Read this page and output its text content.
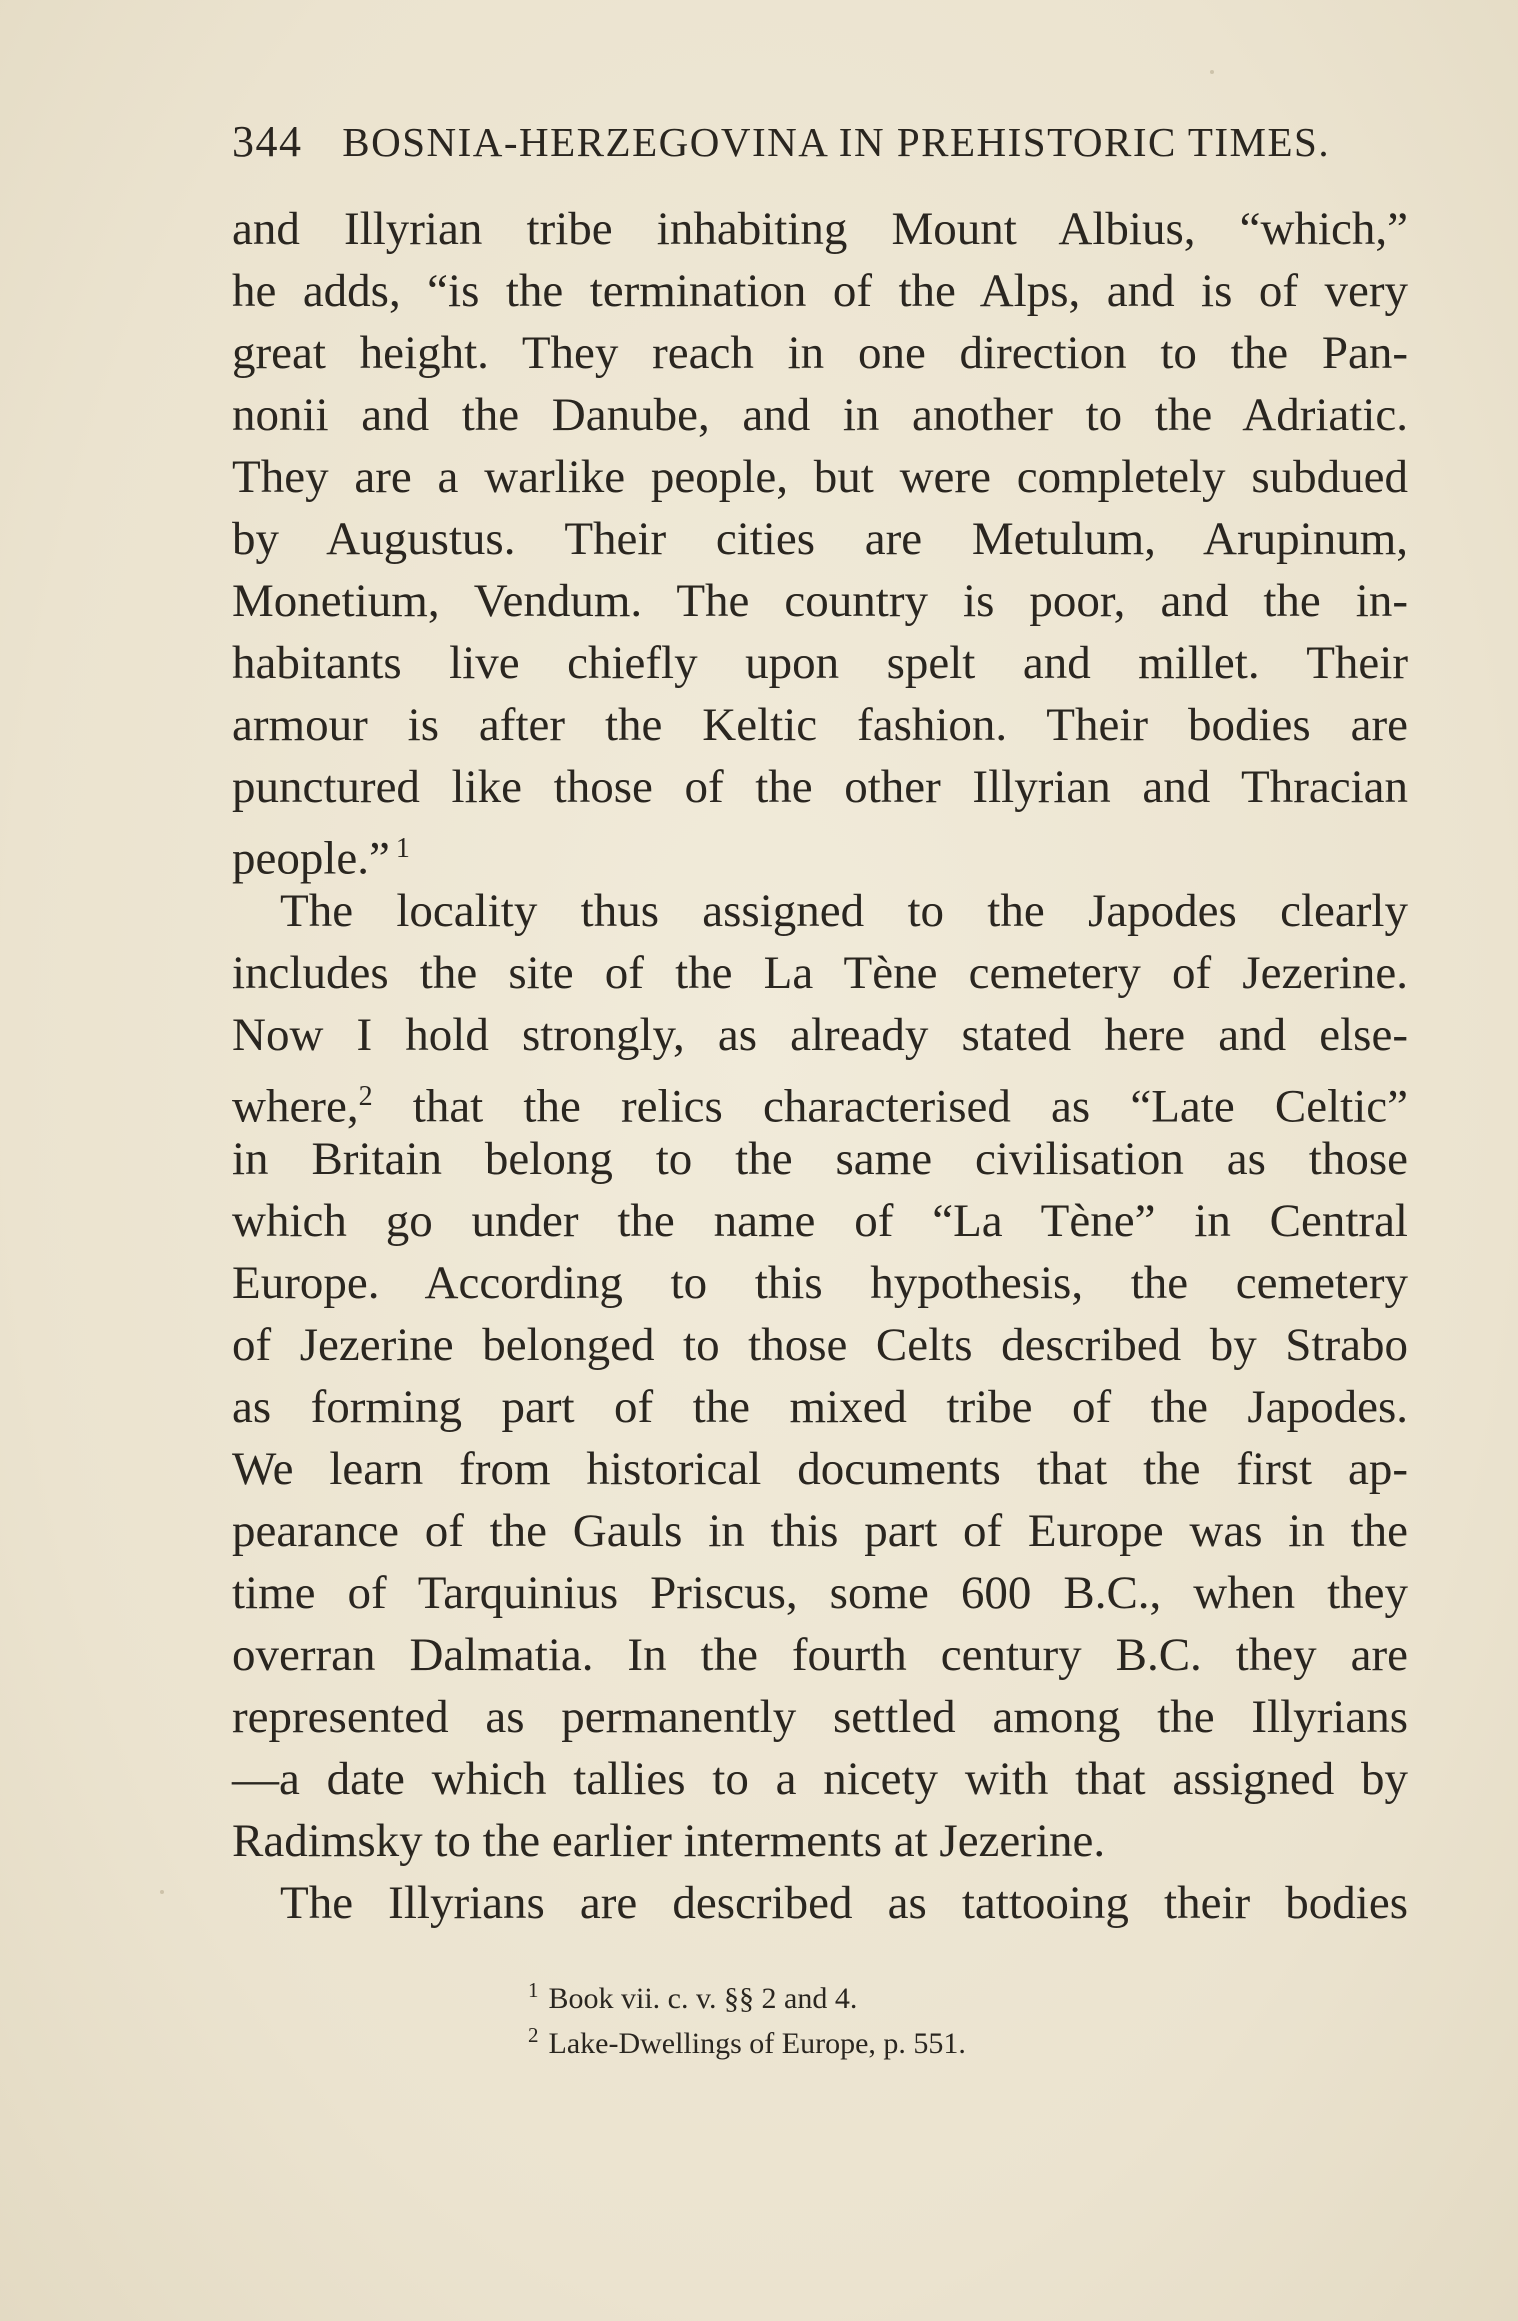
344 BOSNIA-HERZEGOVINA IN PREHISTORIC TIMES.
and Illyrian tribe inhabiting Mount Albius, “which,”
he adds, “is the termination of the Alps, and is of very
great height. They reach in one direction to the Pan-
nonii and the Danube, and in another to the Adriatic.
They are a warlike people, but were completely subdued
by Augustus. Their cities are Metulum, Arupinum,
Monetium, Vendum. The country is poor, and the in-
habitants live chiefly upon spelt and millet. Their
armour is after the Keltic fashion. Their bodies are
punctured like those of the other Illyrian and Thracian
people.” $^1$
The locality thus assigned to the Japodes clearly
includes the site of the La Tène cemetery of Jezerine.
Now I hold strongly, as already stated here and else-
where,$^2$ that the relics characterised as “Late Celtic”
in Britain belong to the same civilisation as those
which go under the name of “La Tène” in Central
Europe. According to this hypothesis, the cemetery
of Jezerine belonged to those Celts described by Strabo
as forming part of the mixed tribe of the Japodes.
We learn from historical documents that the first ap-
pearance of the Gauls in this part of Europe was in the
time of Tarquinius Priscus, some 600 B.C., when they
overran Dalmatia. In the fourth century B.C. they are
represented as permanently settled among the Illyrians
—a date which tallies to a nicety with that assigned by
Radimsky to the earlier interments at Jezerine.
The Illyrians are described as tattooing their bodies
$^1$ Book vii. c. v. §§ 2 and 4.
$^2$ Lake-Dwellings of Europe, p. 551.
